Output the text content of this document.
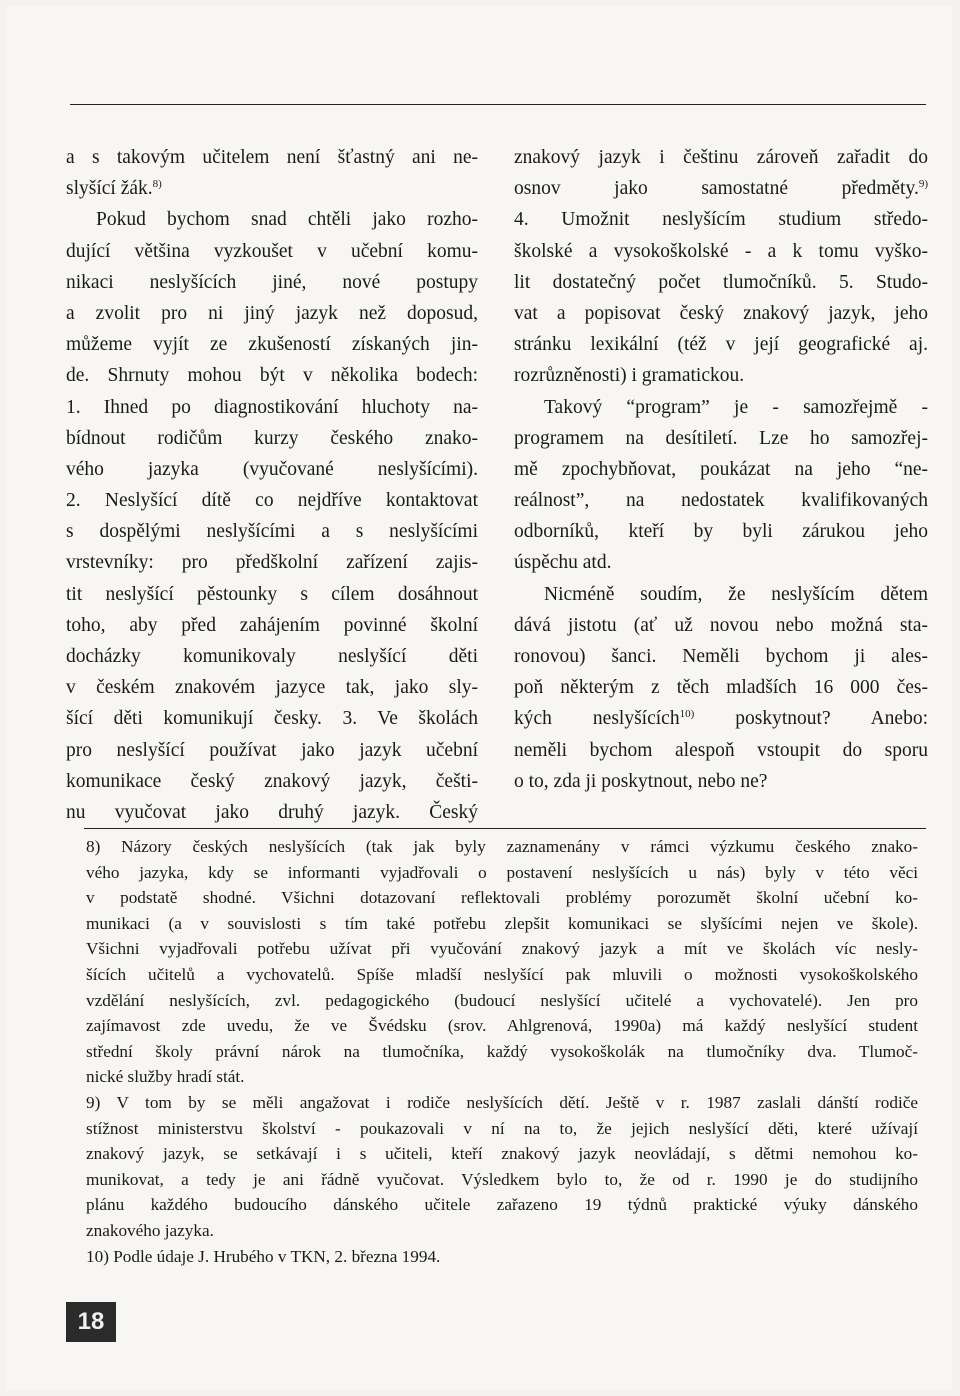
a s takovým učitelem není šťastný ani ne-
slyšící žák.$^{8)}$
Pokud bychom snad chtěli jako rozho-
dující většina vyzkoušet v učební komu-
nikaci neslyšících jiné, nové postupy
a zvolit pro ni jiný jazyk než doposud,
můžeme vyjít ze zkušeností získaných jin-
de. Shrnuty mohou být v několika bodech:
1. Ihned po diagnostikování hluchoty na-
bídnout rodičům kurzy českého znako-
vého jazyka (vyučované neslyšícími).
2. Neslyšící dítě co nejdříve kontaktovat
s dospělými neslyšícími a s neslyšícími
vrstevníky: pro předškolní zařízení zajis-
tit neslyšící pěstounky s cílem dosáhnout
toho, aby před zahájením povinné školní
docházky komunikovaly neslyšící děti
v českém znakovém jazyce tak, jako sly-
šící děti komunikují česky. 3. Ve školách
pro neslyšící používat jako jazyk učební
komunikace český znakový jazyk, češti-
nu vyučovat jako druhý jazyk. Český
znakový jazyk i češtinu zároveň zařadit do
osnov jako samostatné předměty.$^{9)}$
4. Umožnit neslyšícím studium středo-
školské a vysokoškolské - a k tomu vyško-
lit dostatečný počet tlumočníků. 5. Studo-
vat a popisovat český znakový jazyk, jeho
stránku lexikální (též v její geografické aj.
rozrůzněnosti) i gramatickou.
Takový “program” je - samozřejmě -
programem na desítiletí. Lze ho samozřej-
mě zpochybňovat, poukázat na jeho “ne-
reálnost”, na nedostatek kvalifikovaných
odborníků, kteří by byli zárukou jeho
úspěchu atd.
Nicméně soudím, že neslyšícím dětem
dává jistotu (ať už novou nebo možná sta-
ronovou) šanci. Neměli bychom ji ales-
poň některým z těch mladších 16 000 čes-
kých neslyšících$^{10)}$ poskytnout? Anebo:
neměli bychom alespoň vstoupit do sporu
o to, zda ji poskytnout, nebo ne?
8) Názory českých neslyšících (tak jak byly zaznamenány v rámci výzkumu českého znako-
vého jazyka, kdy se informanti vyjadřovali o postavení neslyšících u nás) byly v této věci
v podstatě shodné. Všichni dotazovaní reflektovali problémy porozumět školní učební ko-
munikaci (a v souvislosti s tím také potřebu zlepšit komunikaci se slyšícími nejen ve škole).
Všichni vyjadřovali potřebu užívat při vyučování znakový jazyk a mít ve školách víc nesly-
šících učitelů a vychovatelů. Spíše mladší neslyšící pak mluvili o možnosti vysokoškolského
vzdělání neslyšících, zvl. pedagogického (budoucí neslyšící učitelé a vychovatelé). Jen pro
zajímavost zde uvedu, že ve Švédsku (srov. Ahlgrenová, 1990a) má každý neslyšící student
střední školy právní nárok na tlumočníka, každý vysokoškolák na tlumočníky dva. Tlumoč-
nické služby hradí stát.
9) V tom by se měli angažovat i rodiče neslyšících dětí. Ještě v r. 1987 zaslali dánští rodiče
stížnost ministerstvu školství - poukazovali v ní na to, že jejich neslyšící děti, které užívají
znakový jazyk, se setkávají i s učiteli, kteří znakový jazyk neovládají, s dětmi nemohou ko-
munikovat, a tedy je ani řádně vyučovat. Výsledkem bylo to, že od r. 1990 je do studijního
plánu každého budoucího dánského učitele zařazeno 19 týdnů praktické výuky dánského
znakového jazyka.
10) Podle údaje J. Hrubého v TKN, 2. března 1994.
18
